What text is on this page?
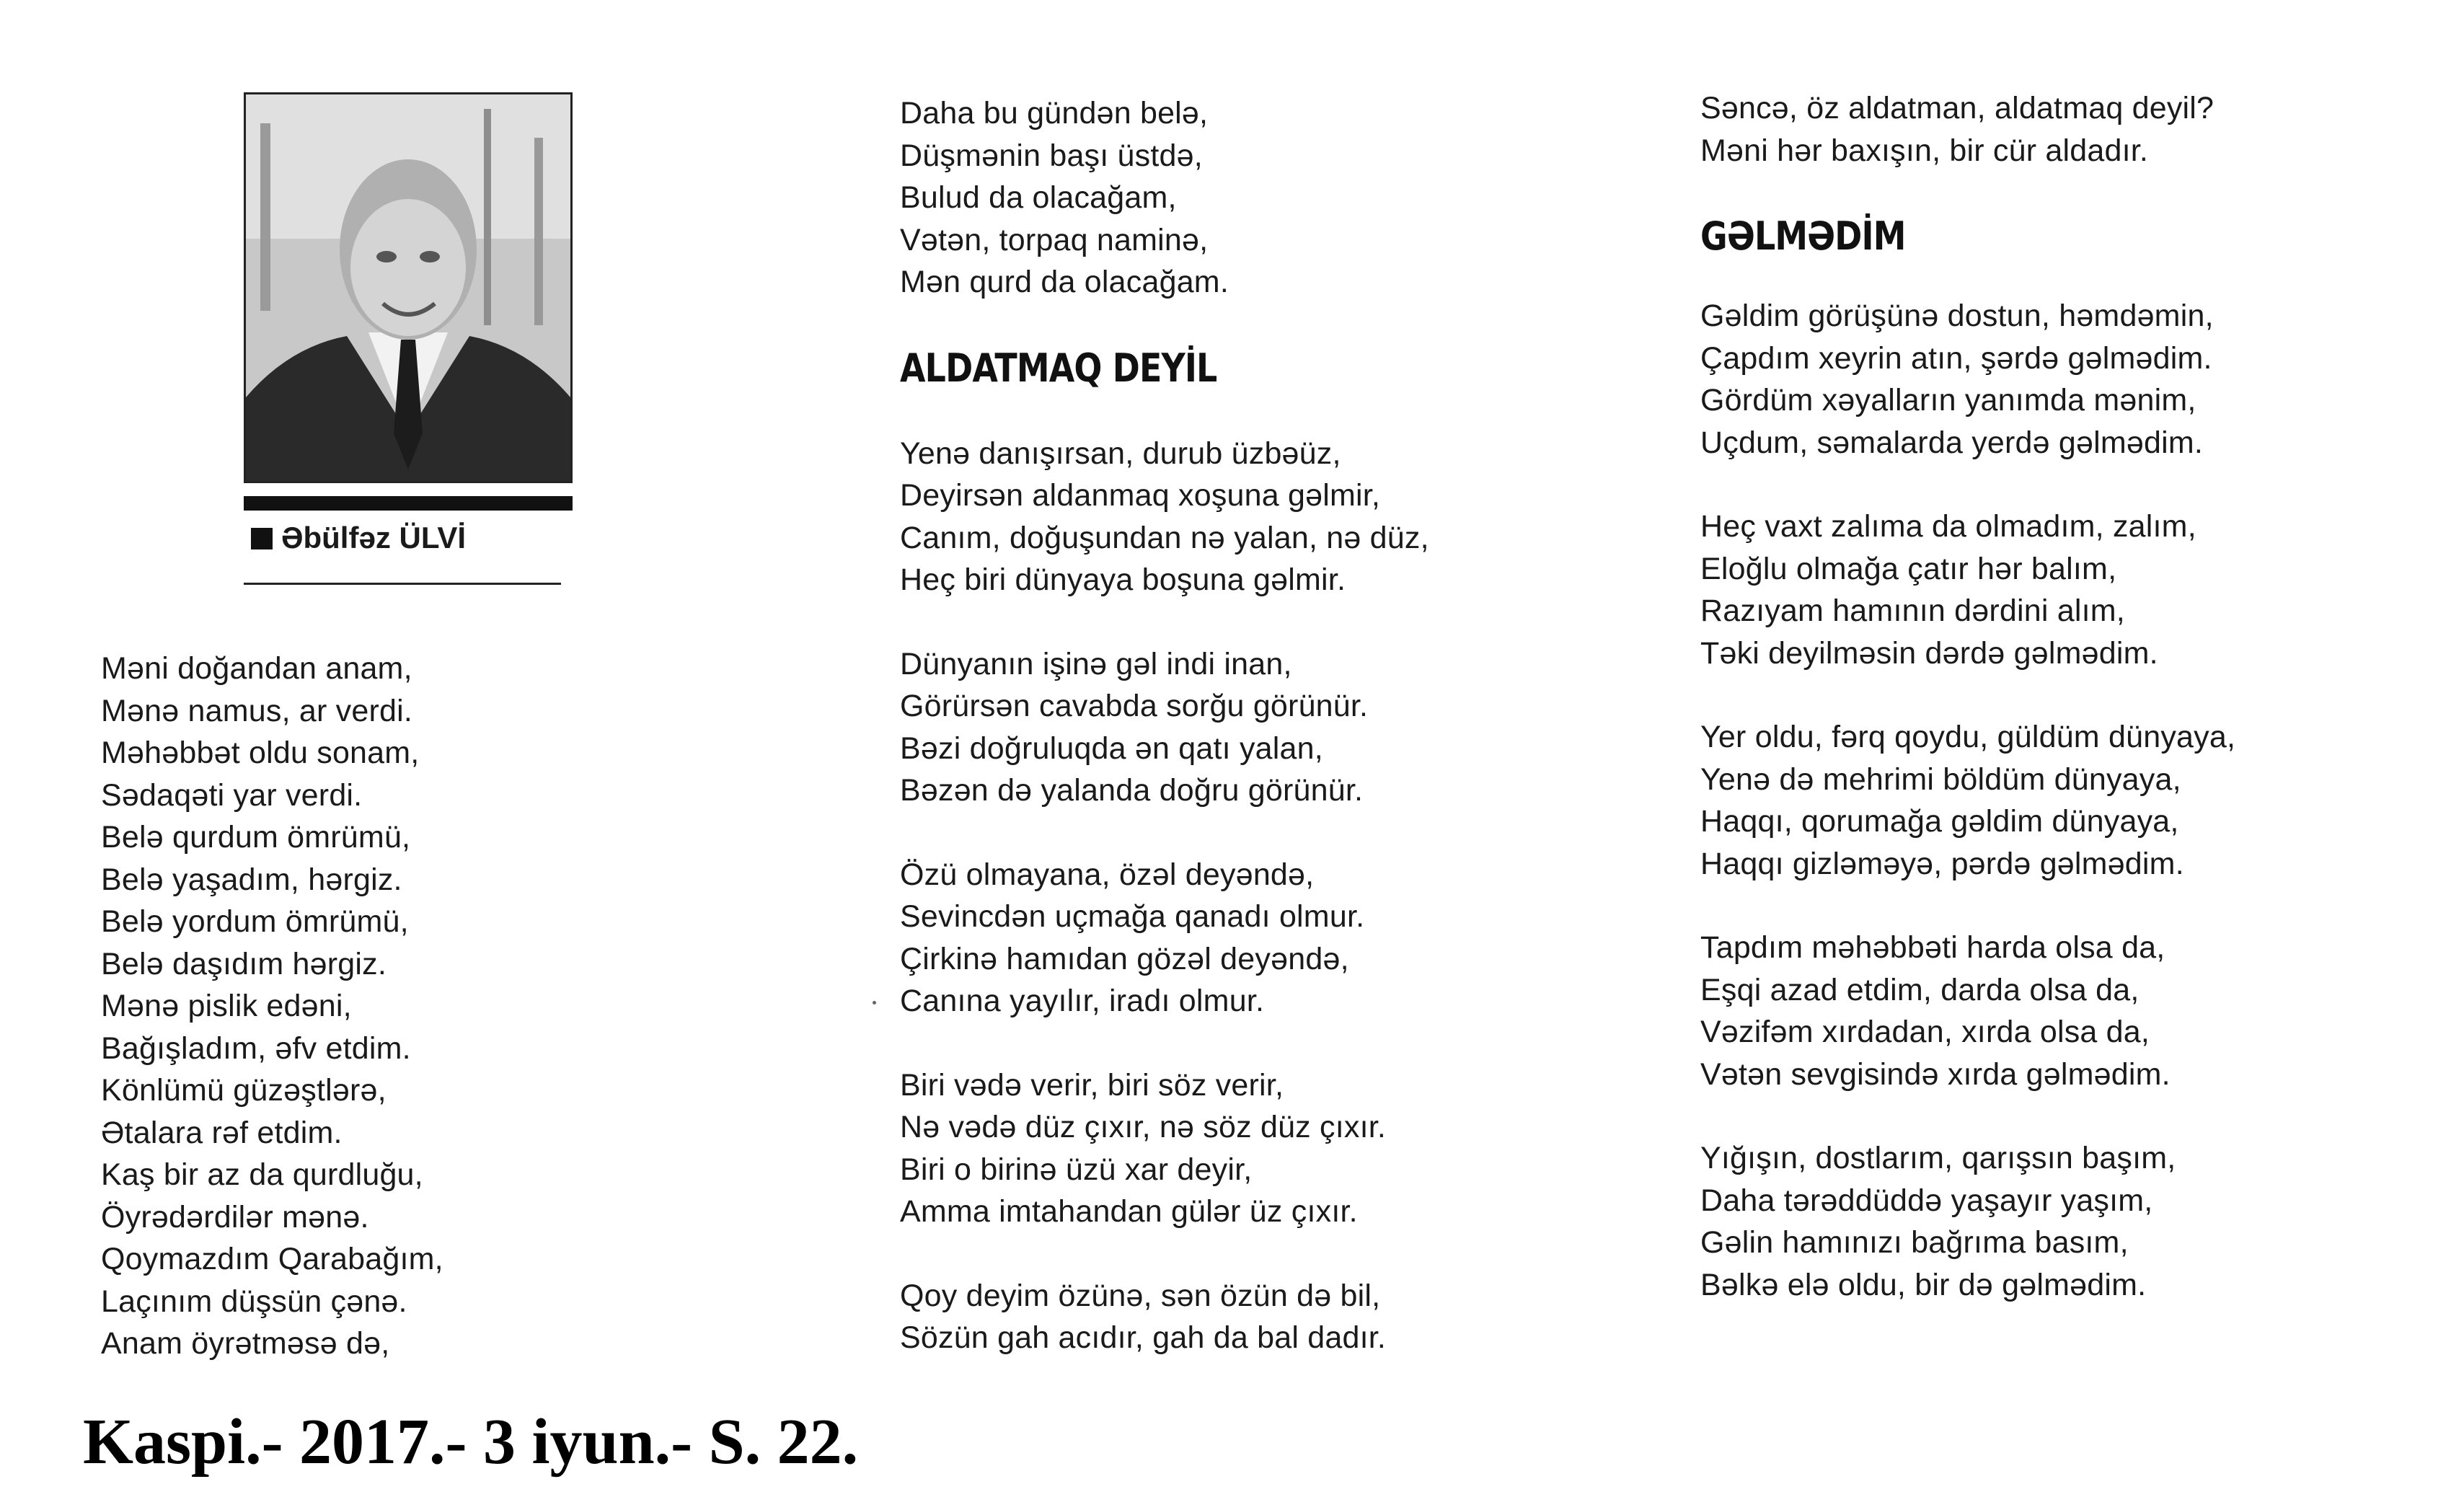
Əbülfəz ÜLVİ
Məni doğandan anam,
Mənə namus, ar verdi.
Məhəbbət oldu sonam,
Sədaqəti yar verdi.
Belə qurdum ömrümü,
Belə yaşadım, hərgiz.
Belə yordum ömrümü,
Belə daşıdım hərgiz.
Mənə pislik edəni,
Bağışladım, əfv etdim.
Könlümü güzəştlərə,
Ətalara rəf etdim.
Kaş bir az da qurdluğu,
Öyrədərdilər mənə.
Qoymazdım Qarabağım,
Laçınım düşsün çənə.
Anam öyrətməsə də,
Daha bu gündən belə,
Düşmənin başı üstdə,
Bulud da olacağam,
Vətən, torpaq naminə,
Mən qurd da olacağam.
ALDATMAQ DEYİL
Yenə danışırsan, durub üzbəüz,
Deyirsən aldanmaq xoşuna gəlmir,
Canım, doğuşundan nə yalan, nə düz,
Heç biri dünyaya boşuna gəlmir.
Dünyanın işinə gəl indi inan,
Görürsən cavabda sorğu görünür.
Bəzi doğruluqda ən qatı yalan,
Bəzən də yalanda doğru görünür.
Özü olmayana, özəl deyəndə,
Sevincdən uçmağa qanadı olmur.
Çirkinə hamıdan gözəl deyəndə,
Canına yayılır, iradı olmur.
Biri vədə verir, biri söz verir,
Nə vədə düz çıxır, nə söz düz çıxır.
Biri o birinə üzü xar deyir,
Amma imtahandan gülər üz çıxır.
Qoy deyim özünə, sən özün də bil,
Sözün gah acıdır, gah da bal dadır.
Səncə, öz aldatman, aldatmaq deyil?
Məni hər baxışın, bir cür aldadır.
GƏLMƏDİM
Gəldim görüşünə dostun, həmdəmin,
Çapdım xeyrin atın, şərdə gəlmədim.
Gördüm xəyalların yanımda mənim,
Uçdum, səmalarda yerdə gəlmədim.
Heç vaxt zalıma da olmadım, zalım,
Eloğlu olmağa çatır hər balım,
Razıyam hamının dərdini alım,
Təki deyilməsin dərdə gəlmədim.
Yer oldu, fərq qoydu, güldüm dünyaya,
Yenə də mehrimi böldüm dünyaya,
Haqqı, qorumağa gəldim dünyaya,
Haqqı gizləməyə, pərdə gəlmədim.
Tapdım məhəbbəti harda olsa da,
Eşqi azad etdim, darda olsa da,
Vəzifəm xırdadan, xırda olsa da,
Vətən sevgisində xırda gəlmədim.
Yığışın, dostlarım, qarışsın başım,
Daha tərəddüddə yaşayır yaşım,
Gəlin hamınızı bağrıma basım,
Bəlkə elə oldu, bir də gəlmədim.
Kaspi.- 2017.- 3 iyun.- S. 22.
